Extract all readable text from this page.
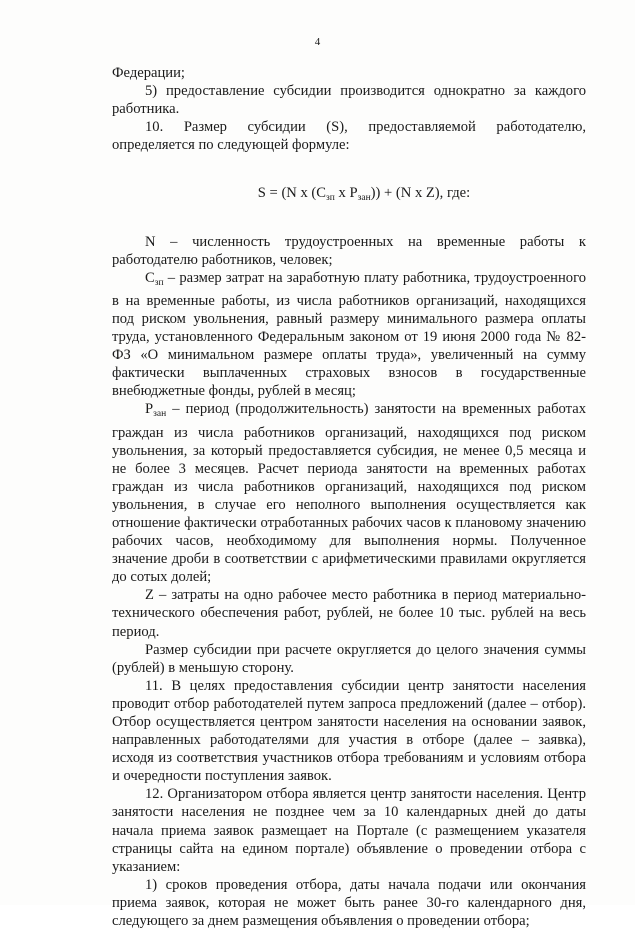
4

Федерации;

5) предоставление субсидии производится однократно за каждого работника.

10. Размер субсидии (S), предоставляемой работодателю, определяется по следующей формуле:

S = (N x ($С_{зп}$ x $P_{зан})) + (N$ x Z), где:

N – численность трудоустроенных на временные работы к работодателю работников, человек;

$С_{зп}$ – размер затрат на заработную плату работника, трудоустроенного в на временные работы, из числа работников организаций, находящихся под риском увольнения, равный размеру минимального размера оплаты труда, установленного Федеральным законом от 19 июня 2000 года № 82-ФЗ «О минимальном размере оплаты труда», увеличенный на сумму фактически выплаченных страховых взносов в государственные внебюджетные фонды, рублей в месяц;

$P_{зан}$ – период (продолжительность) занятости на временных работах граждан из числа работников организаций, находящихся под риском увольнения, за который предоставляется субсидия, не менее 0,5 месяца и не более 3 месяцев. Расчет периода занятости на временных работах граждан из числа работников организаций, находящихся под риском увольнения, в случае его неполного выполнения осуществляется как отношение фактически отработанных рабочих часов к плановому значению рабочих часов, необходимому для выполнения нормы. Полученное значение дроби в соответствии с арифметическими правилами округляется до сотых долей;

Z – затраты на одно рабочее место работника в период материально-технического обеспечения работ, рублей, не более 10 тыс. рублей на весь период.

Размер субсидии при расчете округляется до целого значения суммы (рублей) в меньшую сторону.

11. В целях предоставления субсидии центр занятости населения проводит отбор работодателей путем запроса предложений (далее – отбор). Отбор осуществляется центром занятости населения на основании заявок, направленных работодателями для участия в отборе (далее – заявка), исходя из соответствия участников отбора требованиям и условиям отбора и очередности поступления заявок.

12. Организатором отбора является центр занятости населения. Центр занятости населения не позднее чем за 10 календарных дней до даты начала приема заявок размещает на Портале (с размещением указателя страницы сайта на едином портале) объявление о проведении отбора с указанием:

1) сроков проведения отбора, даты начала подачи или окончания приема заявок, которая не может быть ранее 30-го календарного дня, следующего за днем размещения объявления о проведении отбора;
